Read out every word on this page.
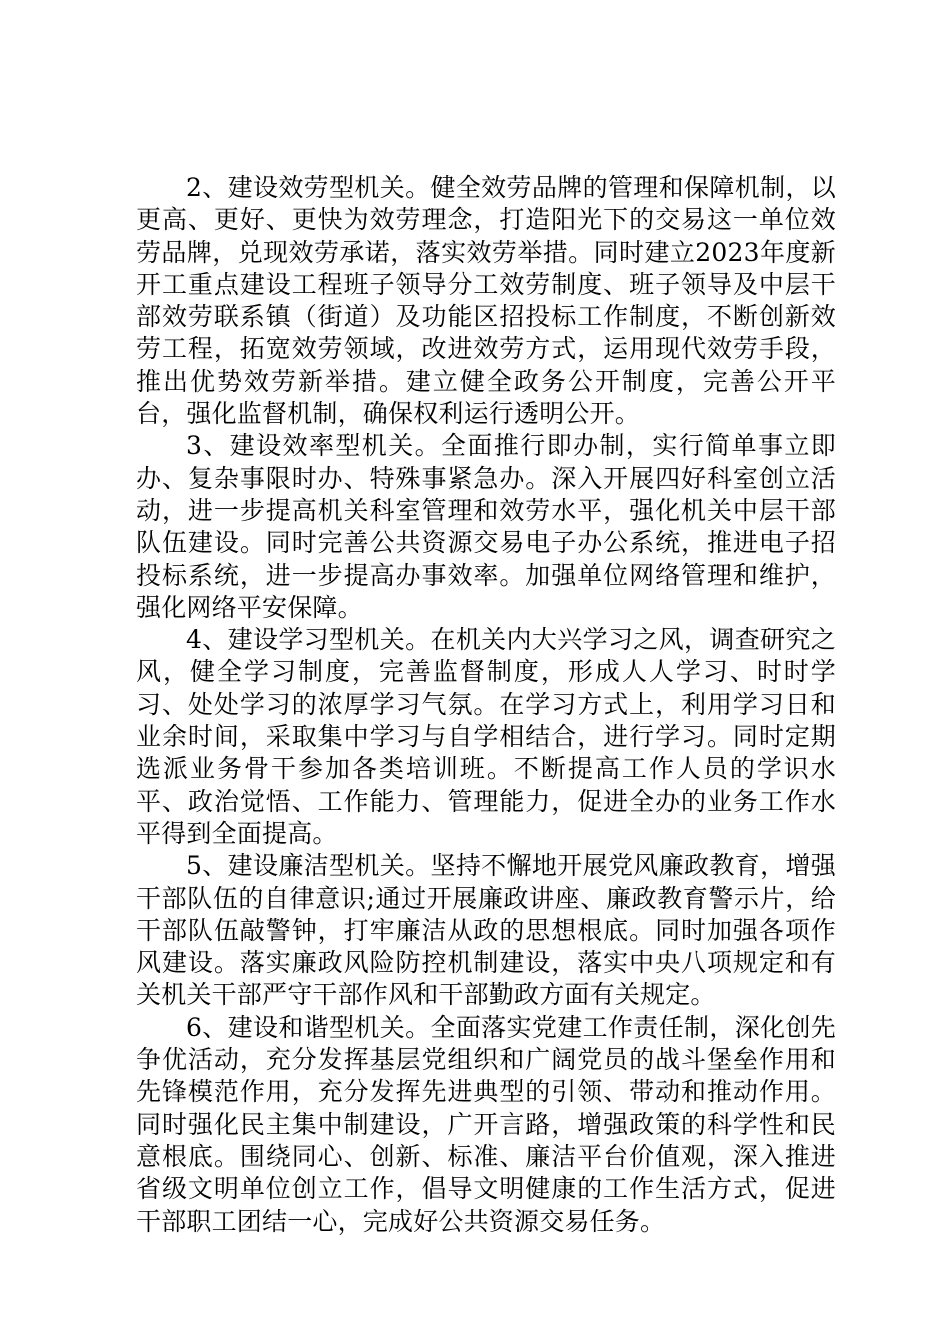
2、建设效劳型机关。健全效劳品牌的管理和保障机制，以更高、更好、更快为效劳理念，打造阳光下的交易这一单位效劳品牌，兑现效劳承诺，落实效劳举措。同时建立2023年度新开工重点建设工程班子领导分工效劳制度、班子领导及中层干部效劳联系镇（街道）及功能区招投标工作制度，不断创新效劳工程，拓宽效劳领域，改进效劳方式，运用现代效劳手段，推出优势效劳新举措。建立健全政务公开制度，完善公开平台，强化监督机制，确保权利运行透明公开。

3、建设效率型机关。全面推行即办制，实行简单事立即办、复杂事限时办、特殊事紧急办。深入开展四好科室创立活动，进一步提高机关科室管理和效劳水平，强化机关中层干部队伍建设。同时完善公共资源交易电子办公系统，推进电子招投标系统，进一步提高办事效率。加强单位网络管理和维护，强化网络平安保障。

4、建设学习型机关。在机关内大兴学习之风，调查研究之风，健全学习制度，完善监督制度，形成人人学习、时时学习、处处学习的浓厚学习气氛。在学习方式上，利用学习日和业余时间，采取集中学习与自学相结合，进行学习。同时定期选派业务骨干参加各类培训班。不断提高工作人员的学识水平、政治觉悟、工作能力、管理能力，促进全办的业务工作水平得到全面提高。

5、建设廉洁型机关。坚持不懈地开展党风廉政教育，增强干部队伍的自律意识;通过开展廉政讲座、廉政教育警示片，给干部队伍敲警钟，打牢廉洁从政的思想根底。同时加强各项作风建设。落实廉政风险防控机制建设，落实中央八项规定和有关机关干部严守干部作风和干部勤政方面有关规定。

6、建设和谐型机关。全面落实党建工作责任制，深化创先争优活动，充分发挥基层党组织和广阔党员的战斗堡垒作用和先锋模范作用，充分发挥先进典型的引领、带动和推动作用。同时强化民主集中制建设，广开言路，增强政策的科学性和民意根底。围绕同心、创新、标准、廉洁平台价值观，深入推进省级文明单位创立工作，倡导文明健康的工作生活方式，促进干部职工团结一心，完成好公共资源交易任务。
